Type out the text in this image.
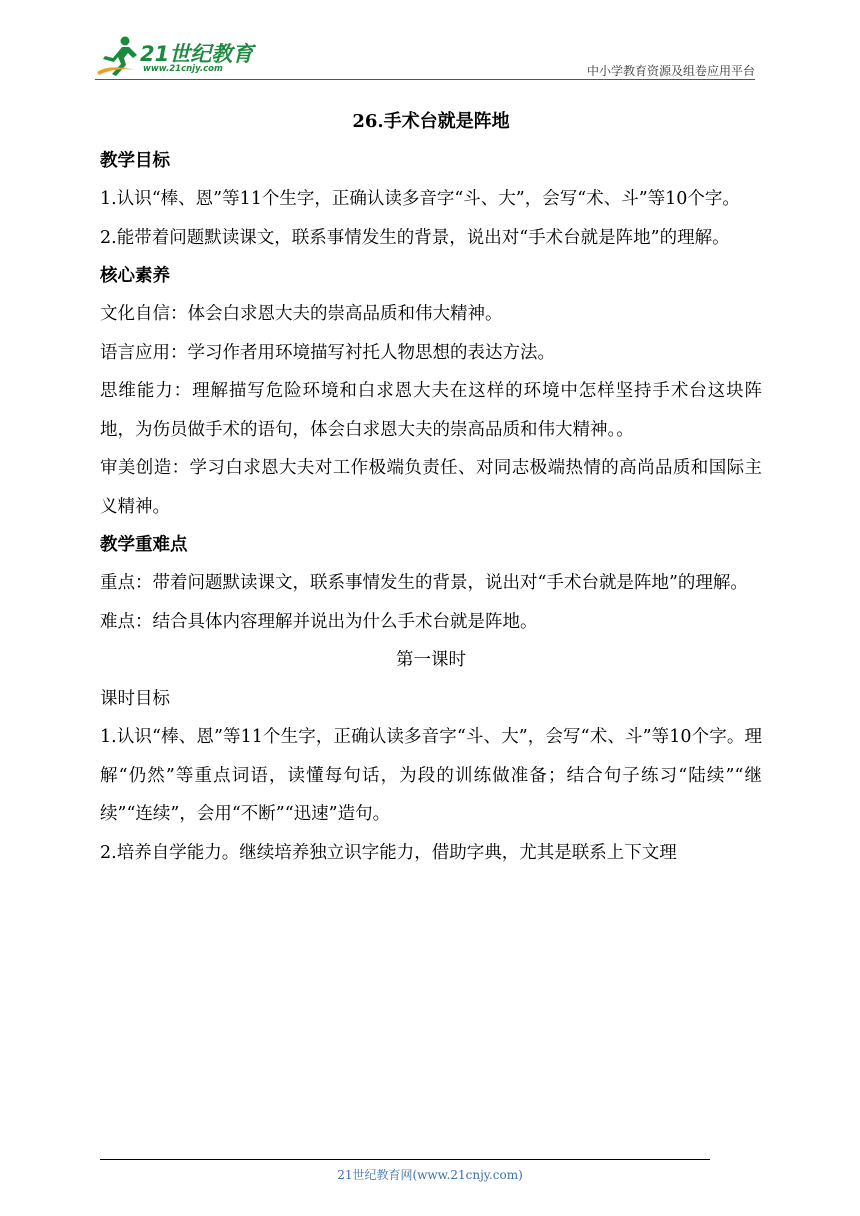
21世纪教育
www.21cnjy.com	中小学教育资源及组卷应用平台
26.手术台就是阵地
教学目标
1.认识“棒、恩”等11个生字，正确认读多音字“斗、大”，会写“术、斗”等10个字。
2.能带着问题默读课文，联系事情发生的背景，说出对“手术台就是阵地”的理解。
核心素养
文化自信：体会白求恩大夫的崇高品质和伟大精神。
语言应用：学习作者用环境描写衬托人物思想的表达方法。
思维能力：理解描写危险环境和白求恩大夫在这样的环境中怎样坚持手术台这块阵地，为伤员做手术的语句，体会白求恩大夫的崇高品质和伟大精神。。
审美创造：学习白求恩大夫对工作极端负责任、对同志极端热情的高尚品质和国际主义精神。
教学重难点
重点：带着问题默读课文，联系事情发生的背景，说出对“手术台就是阵地”的理解。
难点：结合具体内容理解并说出为什么手术台就是阵地。
第一课时
课时目标
1.认识“棒、恩”等11个生字，正确认读多音字“斗、大”，会写“术、斗”等10个字。理解“仍然”等重点词语，读懂每句话，为段的训练做准备；结合句子练习“陆续”“继续”“连续”，会用“不断”“迅速”造句。
2.培养自学能力。继续培养独立识字能力，借助字典，尤其是联系上下文理
21世纪教育网(www.21cnjy.com)
